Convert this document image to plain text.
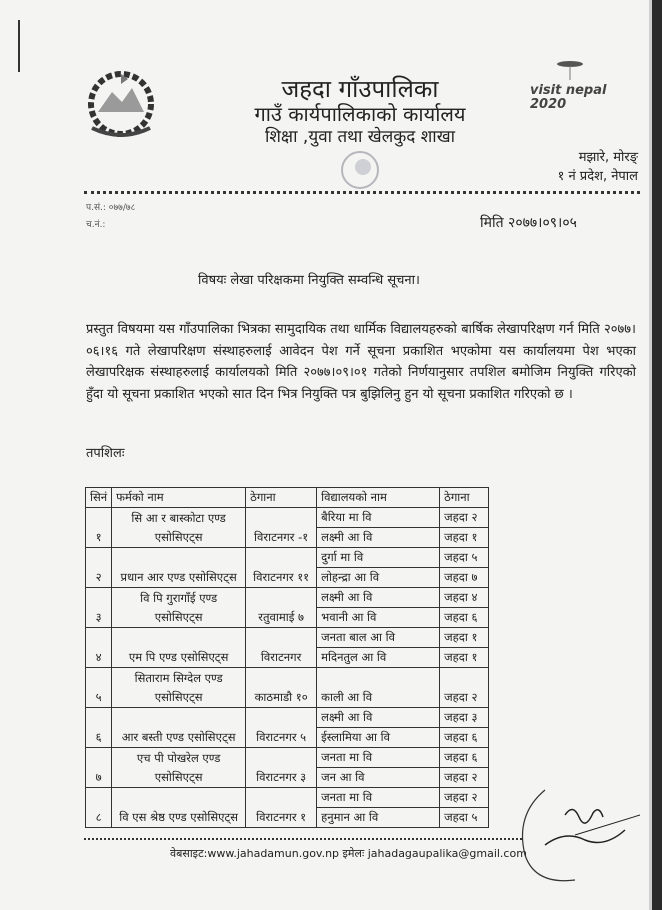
जहदा गाँउपालिका
गाउँ कार्यपालिकाको कार्यालय
शिक्षा ,युवा तथा खेलकुद शाखा
visit nepal 2020
मझारे, मोरङ्
१ नं प्रदेश, नेपाल
प.सं.: ०७७/७८
च.नं.:	मिति २०७७।०९।०५
विषयः लेखा परिक्षकमा नियुक्ति सम्वन्धि सूचना।
प्रस्तुत विषयमा यस गाँउपालिका भित्रका सामुदायिक तथा धार्मिक विद्यालयहरुको बार्षिक लेखापरिक्षण गर्न मिति २०७७।०६।१६ गते लेखापरिक्षण संस्थाहरुलाई आवेदन पेश गर्ने सूचना प्रकाशित भएकोमा यस कार्यालयमा पेश भएका लेखापरिक्षक संस्थाहरुलाई कार्यालयको मिति २०७७।०९।०१ गतेको निर्णयानुसार तपशिल बमोजिम नियुक्ति गरिएको हुँदा यो सूचना प्रकाशित भएको सात दिन भित्र नियुक्ति पत्र बुझिलिनु हुन यो सूचना प्रकाशित गरिएको छ ।
तपशिलः
सिनं	फर्मको नाम	ठेगाना	विद्यालयको नाम	ठेगाना
१	सि आ र बास्कोटा एण्ड एसोसिएट्स	विराटनगर -१	बैरिया मा वि	जहदा २
			लक्ष्मी आ वि	जहदा १
२	प्रधान आर एण्ड एसोसिएट्स	विराटनगर ११	दुर्गा मा वि	जहदा ५
			लोहन्द्रा आ वि	जहदा ७
३	वि पि गुरागाँई एण्ड एसोसिएट्स	रतुवामाई ७	लक्ष्मी आ वि	जहदा ४
			भवानी आ वि	जहदा ६
४	एम पि एण्ड एसोसिएट्स	विराटनगर	जनता बाल आ वि	जहदा १
			मदिनतुल आ वि	जहदा १
५	सिताराम सिग्देल एण्ड एसोसिएट्स	काठमाडौ १०	काली आ वि	जहदा २
६	आर बस्ती एण्ड एसोसिएट्स	विराटनगर ५	लक्ष्मी आ वि	जहदा ३
			ईस्लामिया आ वि	जहदा ६
७	एच पी पोखरेल एण्ड एसोसिएट्स	विराटनगर ३	जनता मा वि	जहदा ६
			जन आ वि	जहदा २
८	वि एस श्रेष्ठ एण्ड एसोसिएट्स	विराटनगर १	जनता मा वि	जहदा २
			हनुमान आ वि	जहदा ५
वेबसाइट:www.jahadamun.gov.np इमेलः jahadagaupalika@gmail.com
